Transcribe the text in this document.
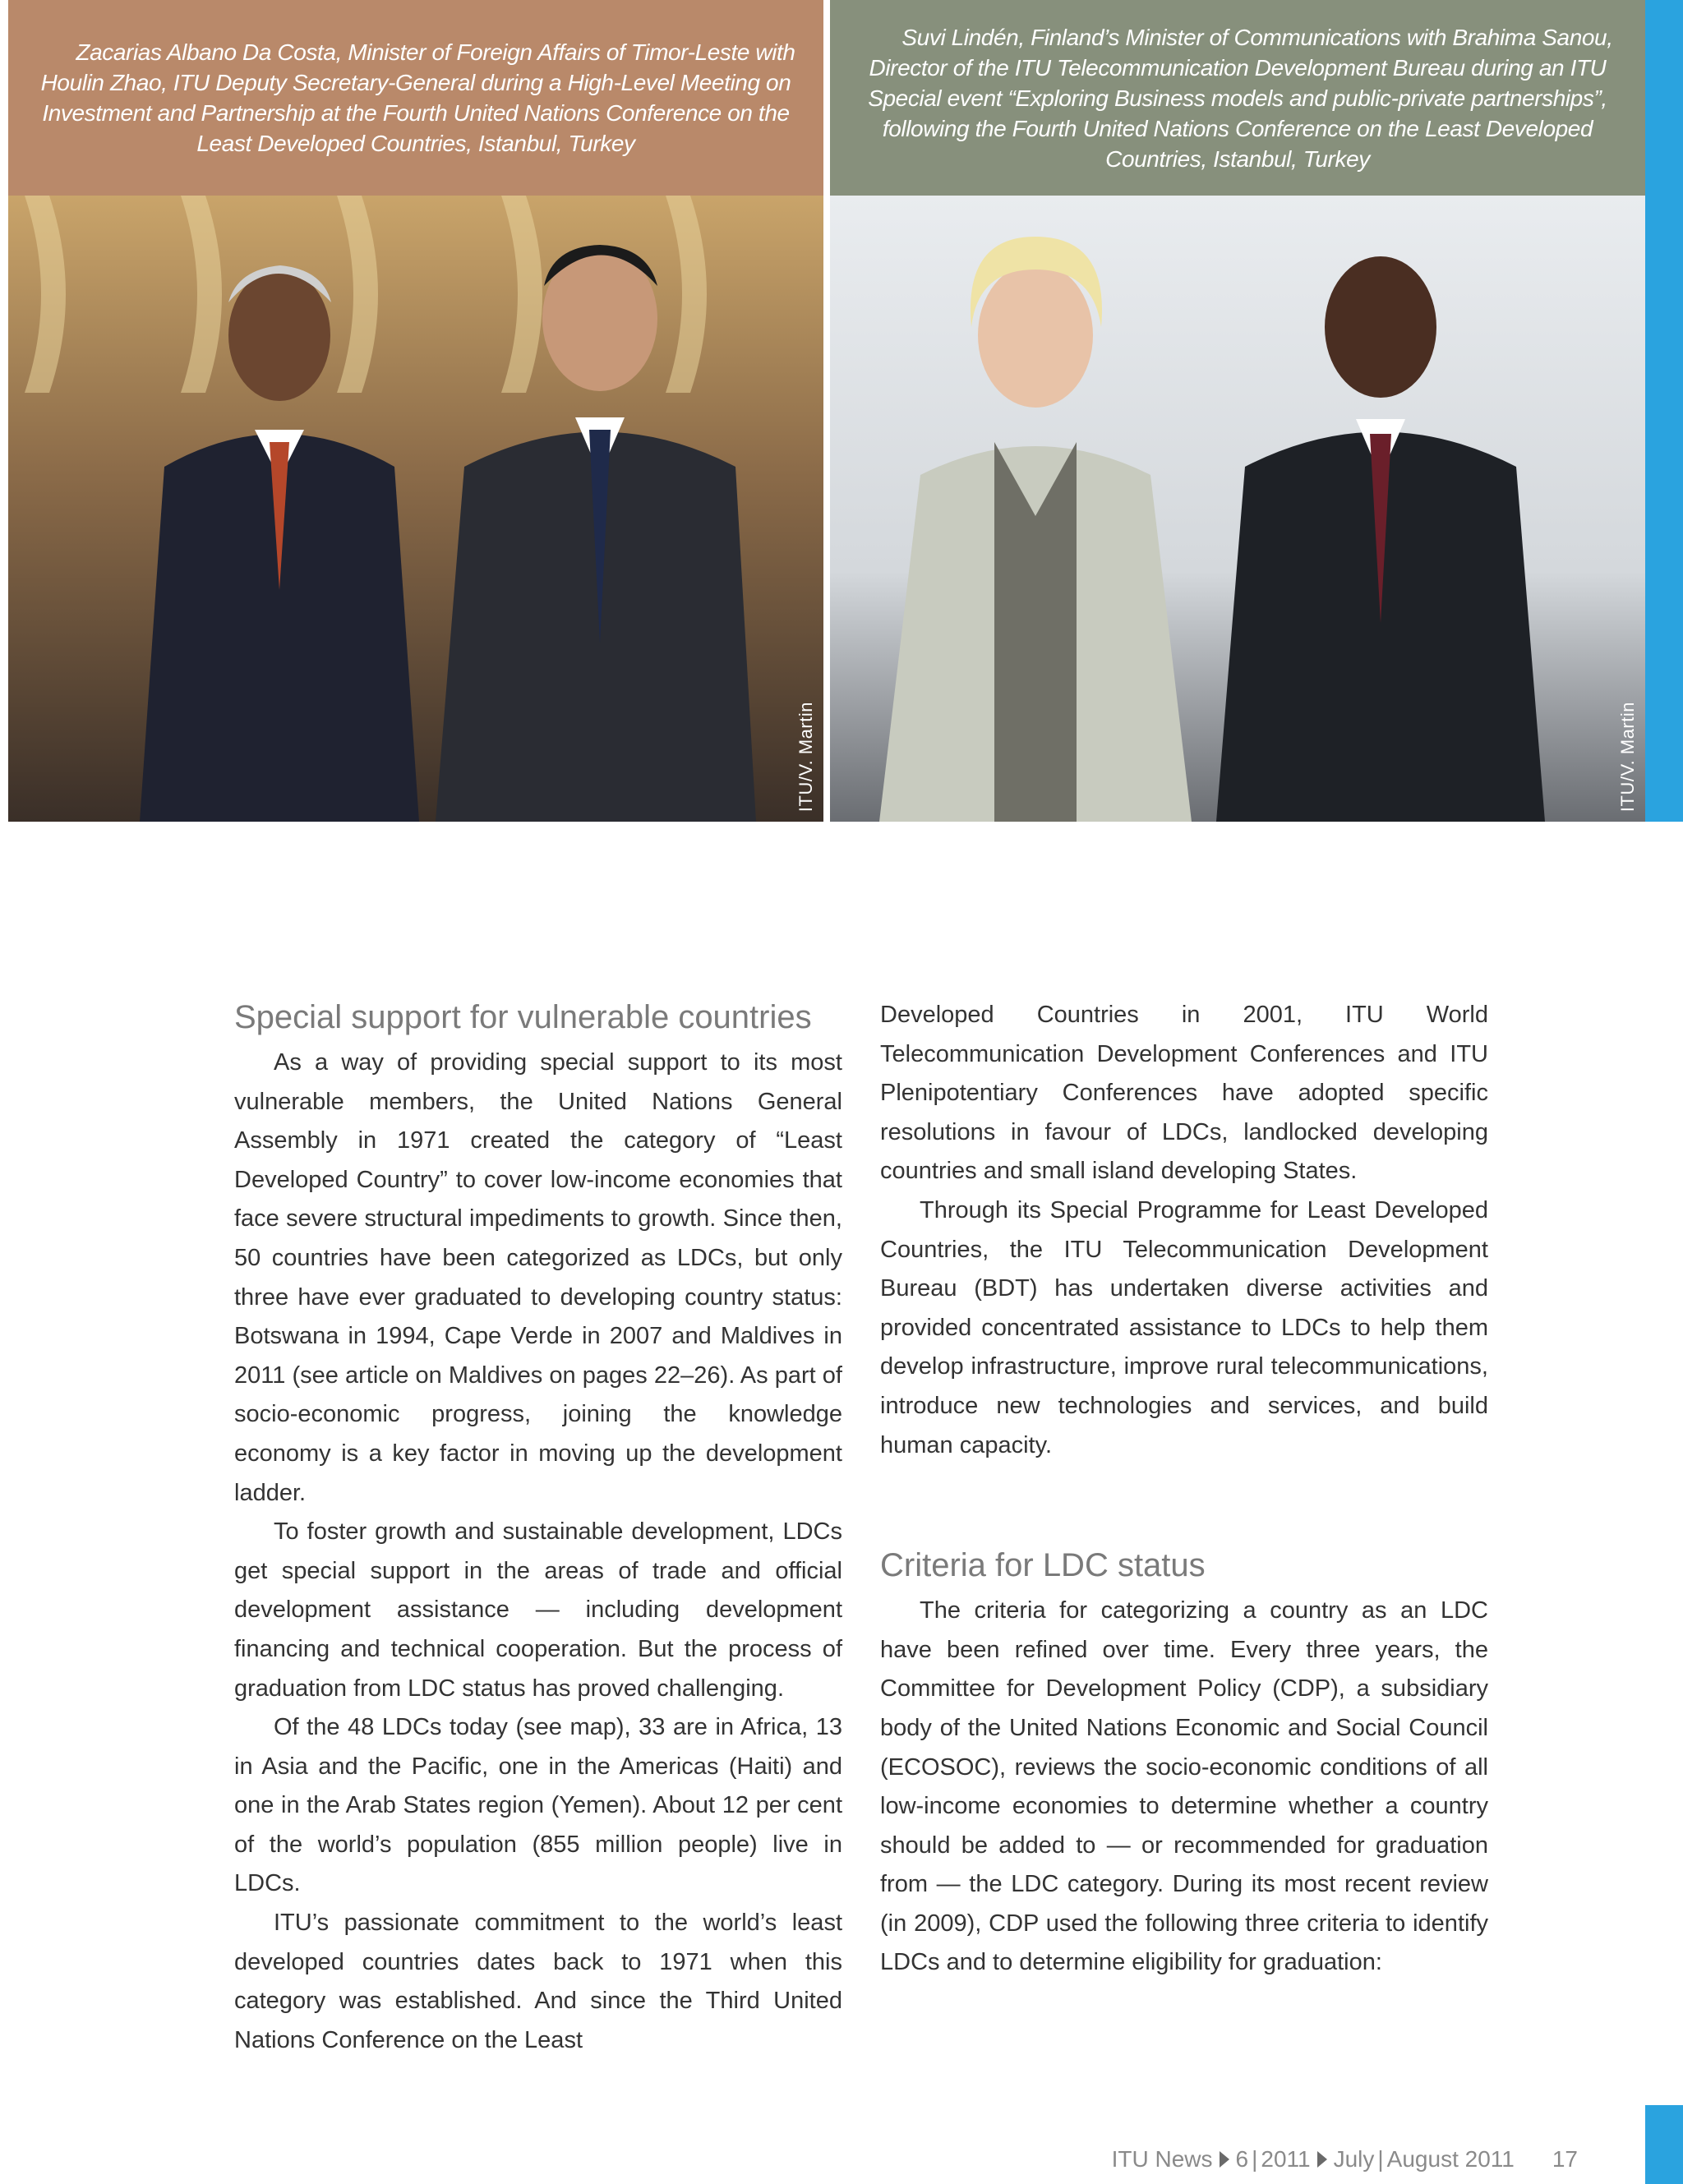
Zacarias Albano Da Costa, Minister of Foreign Affairs of Timor-Leste with Houlin Zhao, ITU Deputy Secretary-General during a High-Level Meeting on Investment and Partnership at the Fourth United Nations Conference on the Least Developed Countries, Istanbul, Turkey

ITU/V. Martin

Suvi Lindén, Finland’s Minister of Communications with Brahima Sanou, Director of the ITU Telecommunication Development Bureau during an ITU Special event “Exploring Business models and public-private partnerships”, following the Fourth United Nations Conference on the Least Developed Countries, Istanbul, Turkey

ITU/V. Martin
Special support for vulnerable countries

As a way of providing special support to its most vulnerable members, the United Nations General Assembly in 1971 created the category of “Least Developed Country” to cover low-income economies that face severe structural impediments to growth. Since then, 50 countries have been categorized as LDCs, but only three have ever graduated to developing country status: Botswana in 1994, Cape Verde in 2007 and Maldives in 2011 (see article on Maldives on pages 22–26). As part of socio-economic progress, joining the knowledge economy is a key factor in moving up the development ladder.

To foster growth and sustainable development, LDCs get special support in the areas of trade and official development assistance — including development financing and technical cooperation. But the process of graduation from LDC status has proved challenging.

Of the 48 LDCs today (see map), 33 are in Africa, 13 in Asia and the Pacific, one in the Americas (Haiti) and one in the Arab States region (Yemen). About 12 per cent of the world’s population (855 million people) live in LDCs.

ITU’s passionate commitment to the world’s least developed countries dates back to 1971 when this category was established. And since the Third United Nations Conference on the Least

Developed Countries in 2001, ITU World Telecommunication Development Conferences and ITU Plenipotentiary Conferences have adopted specific resolutions in favour of LDCs, landlocked developing countries and small island developing States.

Through its Special Programme for Least Developed Countries, the ITU Telecommunication Development Bureau (BDT) has undertaken diverse activities and provided concentrated assistance to LDCs to help them develop infrastructure, improve rural telecommunications, introduce new technologies and services, and build human capacity.

Criteria for LDC status

The criteria for categorizing a country as an LDC have been refined over time. Every three years, the Committee for Development Policy (CDP), a subsidiary body of the United Nations Economic and Social Council (ECOSOC), reviews the socio-economic conditions of all low-income economies to determine whether a country should be added to — or recommended for graduation from — the LDC category. During its most recent review (in 2009), CDP used the following three criteria to identify LDCs and to determine eligibility for graduation:

ITU News 6 | 2011 July | August 2011 17
